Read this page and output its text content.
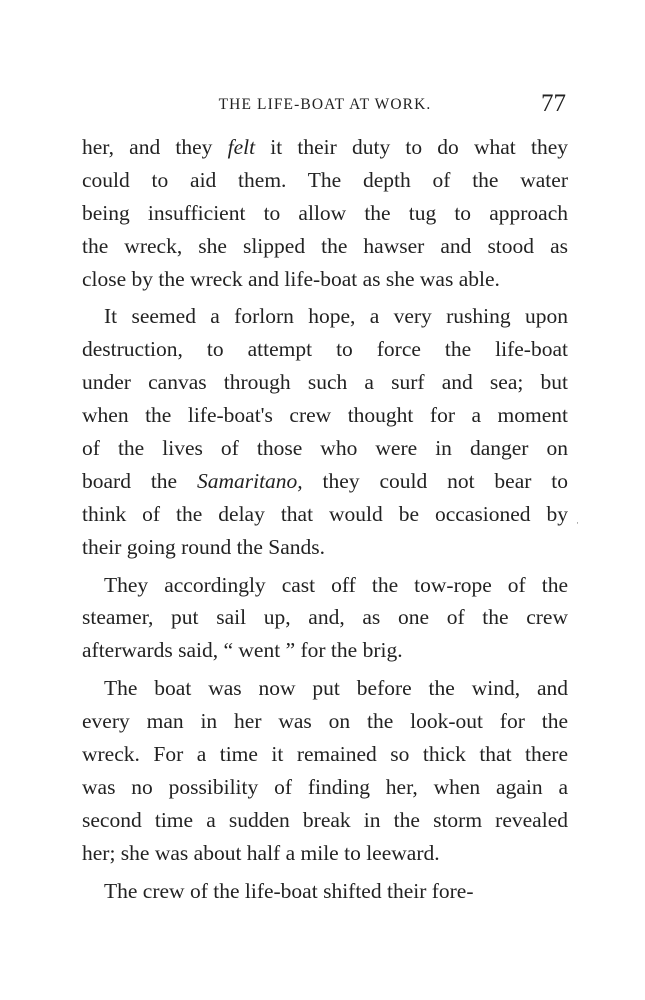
THE LIFE-BOAT AT WORK.	77
her, and they felt it their duty to do what they
could to aid them. The depth of the water
being insufficient to allow the tug to approach
the wreck, she slipped the hawser and stood as
close by the wreck and life-boat as she was able.
It seemed a forlorn hope, a very rushing upon
destruction, to attempt to force the life-boat
under canvas through such a surf and sea; but
when the life-boat's crew thought for a moment
of the lives of those who were in danger on
board the Samaritano, they could not bear to
think of the delay that would be occasioned by
their going round the Sands.
They accordingly cast off the tow-rope of the
steamer, put sail up, and, as one of the crew
afterwards said, “ went ” for the brig.
The boat was now put before the wind, and
every man in her was on the look-out for the
wreck. For a time it remained so thick that there
was no possibility of finding her, when again a
second time a sudden break in the storm revealed
her; she was about half a mile to leeward.
The crew of the life-boat shifted their fore-
·
